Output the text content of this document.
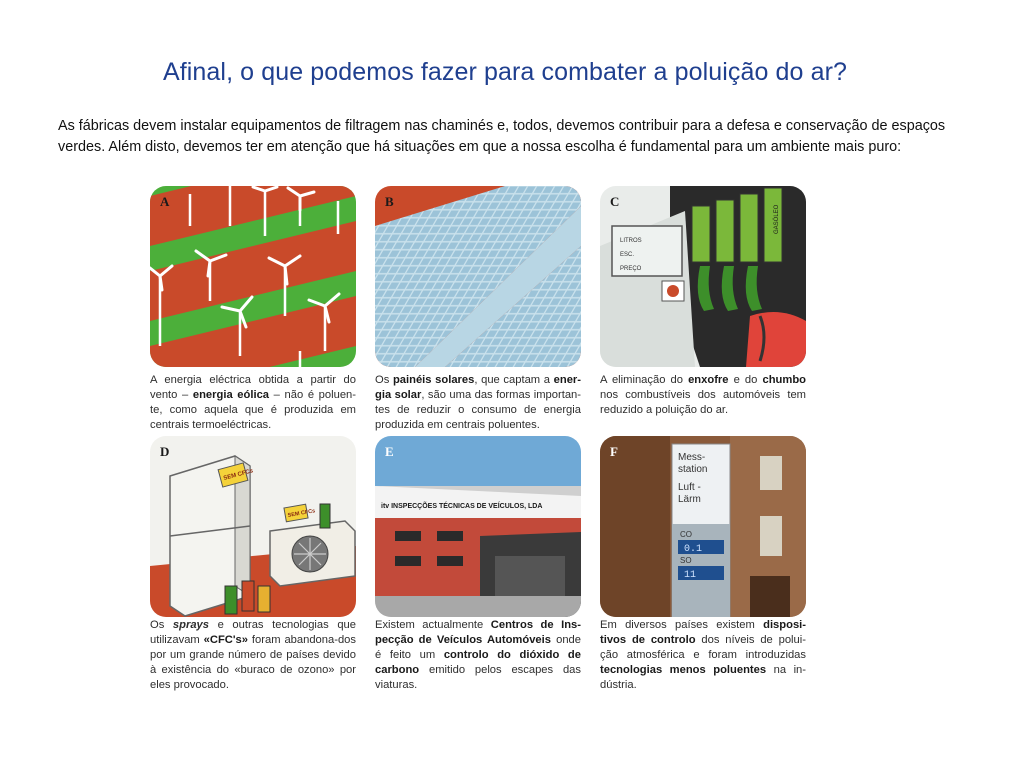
Afinal, o que podemos fazer para combater a poluição do ar?
As fábricas devem instalar equipamentos de filtragem nas chaminés e, todos, devemos contribuir para a defesa e conservação de espaços verdes. Além disto, devemos ter em atenção que há situações em que a nossa escolha é fundamental para um ambiente mais puro:
A
A energia eléctrica obtida a partir do vento – energia eólica – não é poluen-te, como aquela que é produzida em centrais termoeléctricas.
B
Os painéis solares, que captam a ener-gia solar, são uma das formas importan-tes de reduzir o consumo de energia produzida em centrais poluentes.
LITROS
ESC.
PREÇO
GASÓLEO
C
A eliminação do enxofre e do chumbo nos combustíveis dos automóveis tem reduzido a poluição do ar.
SEM CFCs
SEM CFCs
D
Os sprays e outras tecnologias que utilizavam «CFC's» foram abandona-dos por um grande número de países devido à existência do «buraco de ozono» por eles provocado.
itv INSPECÇÕES TÉCNICAS DE VEÍCULOS, LDA
E
Existem actualmente Centros de Ins-pecção de Veículos Automóveis onde é feito um controlo do dióxido de carbono emitido pelos escapes das viaturas.
Mess-
station
Luft -
Lärm
CO
SO
0.1
11
F
Em diversos países existem disposi-tivos de controlo dos níveis de polui-ção atmosférica e foram introduzidas tecnologias menos poluentes na in-dústria.
